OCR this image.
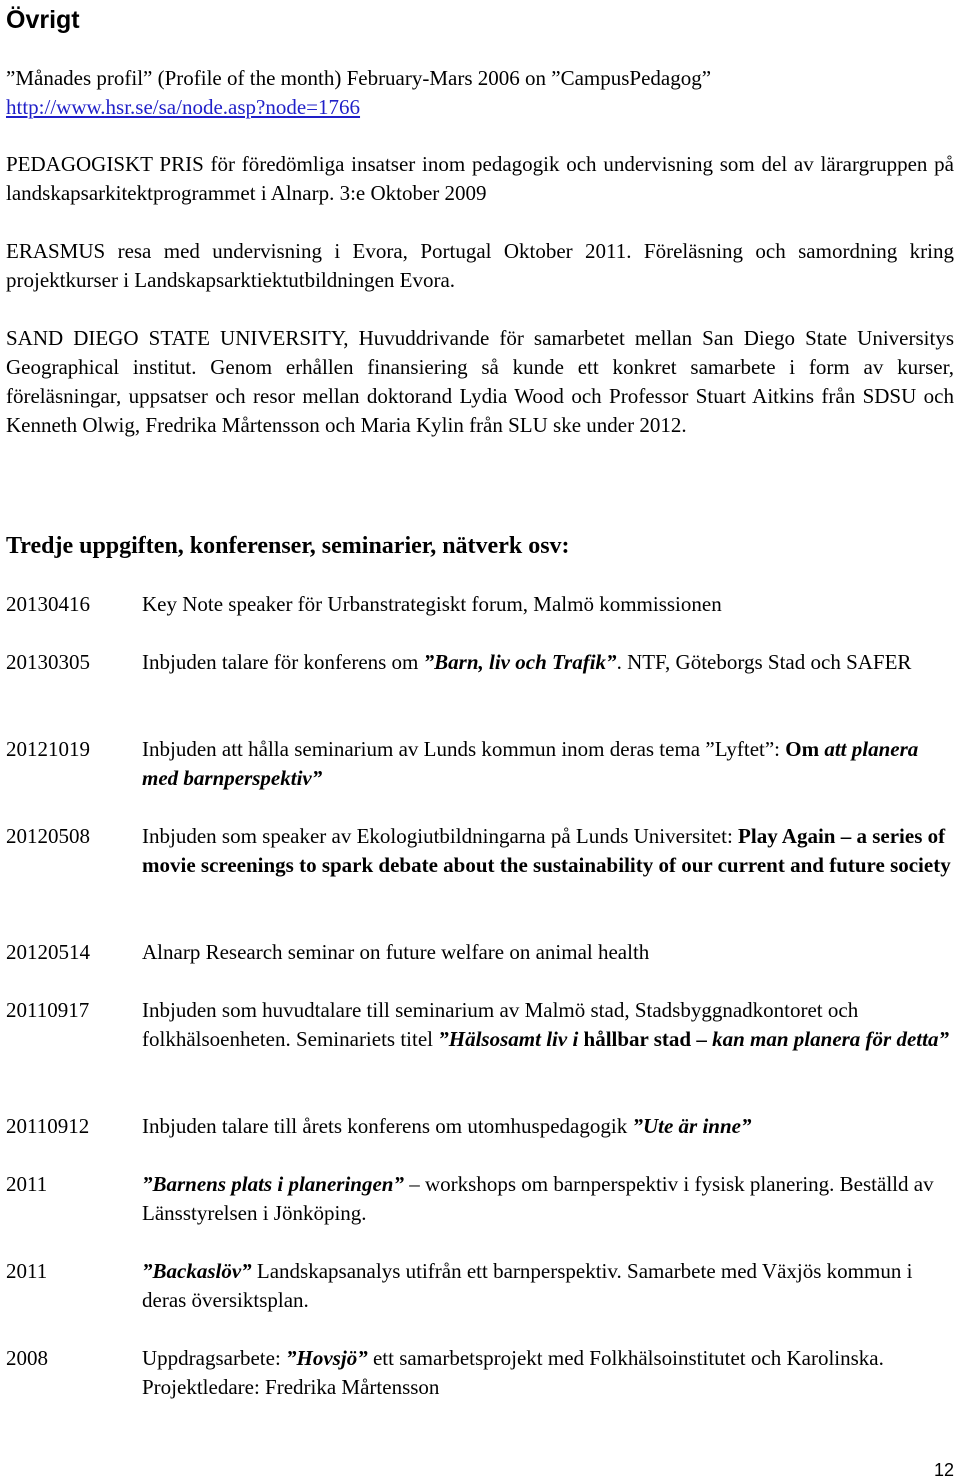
Övrigt

”Månades profil” (Profile of the month) February-Mars 2006 on ”CampusPedagog”
http://www.hsr.se/sa/node.asp?node=1766

PEDAGOGISKT PRIS för föredömliga insatser inom pedagogik och undervisning som del av lärargruppen på landskapsarkitektprogrammet i Alnarp. 3:e Oktober 2009

ERASMUS resa med undervisning i Evora, Portugal Oktober 2011. Föreläsning och samordning kring projektkurser i Landskapsarktiektutbildningen Evora.

SAND DIEGO STATE UNIVERSITY, Huvuddrivande för samarbetet mellan San Diego State Universitys Geographical institut. Genom erhållen finansiering så kunde ett konkret samarbete i form av kurser, föreläsningar, uppsatser och resor mellan doktorand Lydia Wood och Professor Stuart Aitkins från SDSU och Kenneth Olwig, Fredrika Mårtensson och Maria Kylin från SLU ske under 2012.

Tredje uppgiften, konferenser, seminarier, nätverk osv:
20130416	Key Note speaker för Urbanstrategiskt forum, Malmö kommissionen
20130305	Inbjuden talare för konferens om ”Barn, liv och Trafik”. NTF, Göteborgs Stad och SAFER
20121019	Inbjuden att hålla seminarium av Lunds kommun inom deras tema ”Lyftet”: Om att planera med barnperspektiv”
20120508	Inbjuden som speaker av Ekologiutbildningarna på Lunds Universitet: Play Again – a series of movie screenings to spark debate about the sustainability of our current and future society
20120514	Alnarp Research seminar on future welfare on animal health
20110917	Inbjuden som huvudtalare till seminarium av Malmö stad, Stadsbyggnadkontoret och folkhälsoenheten. Seminariets titel ”Hälsosamt liv i hållbar stad – kan man planera för detta”
20110912	Inbjuden talare till årets konferens om utomhuspedagogik ”Ute är inne”
2011	”Barnens plats i planeringen” – workshops om barnperspektiv i fysisk planering. Beställd av Länsstyrelsen i Jönköping.
2011	”Backaslöv” Landskapsanalys utifrån ett barnperspektiv. Samarbete med Växjös kommun i deras översiktsplan.
2008	Uppdragsarbete: ”Hovsjö” ett samarbetsprojekt med Folkhälsoinstitutet och Karolinska. Projektledare: Fredrika Mårtensson
12
